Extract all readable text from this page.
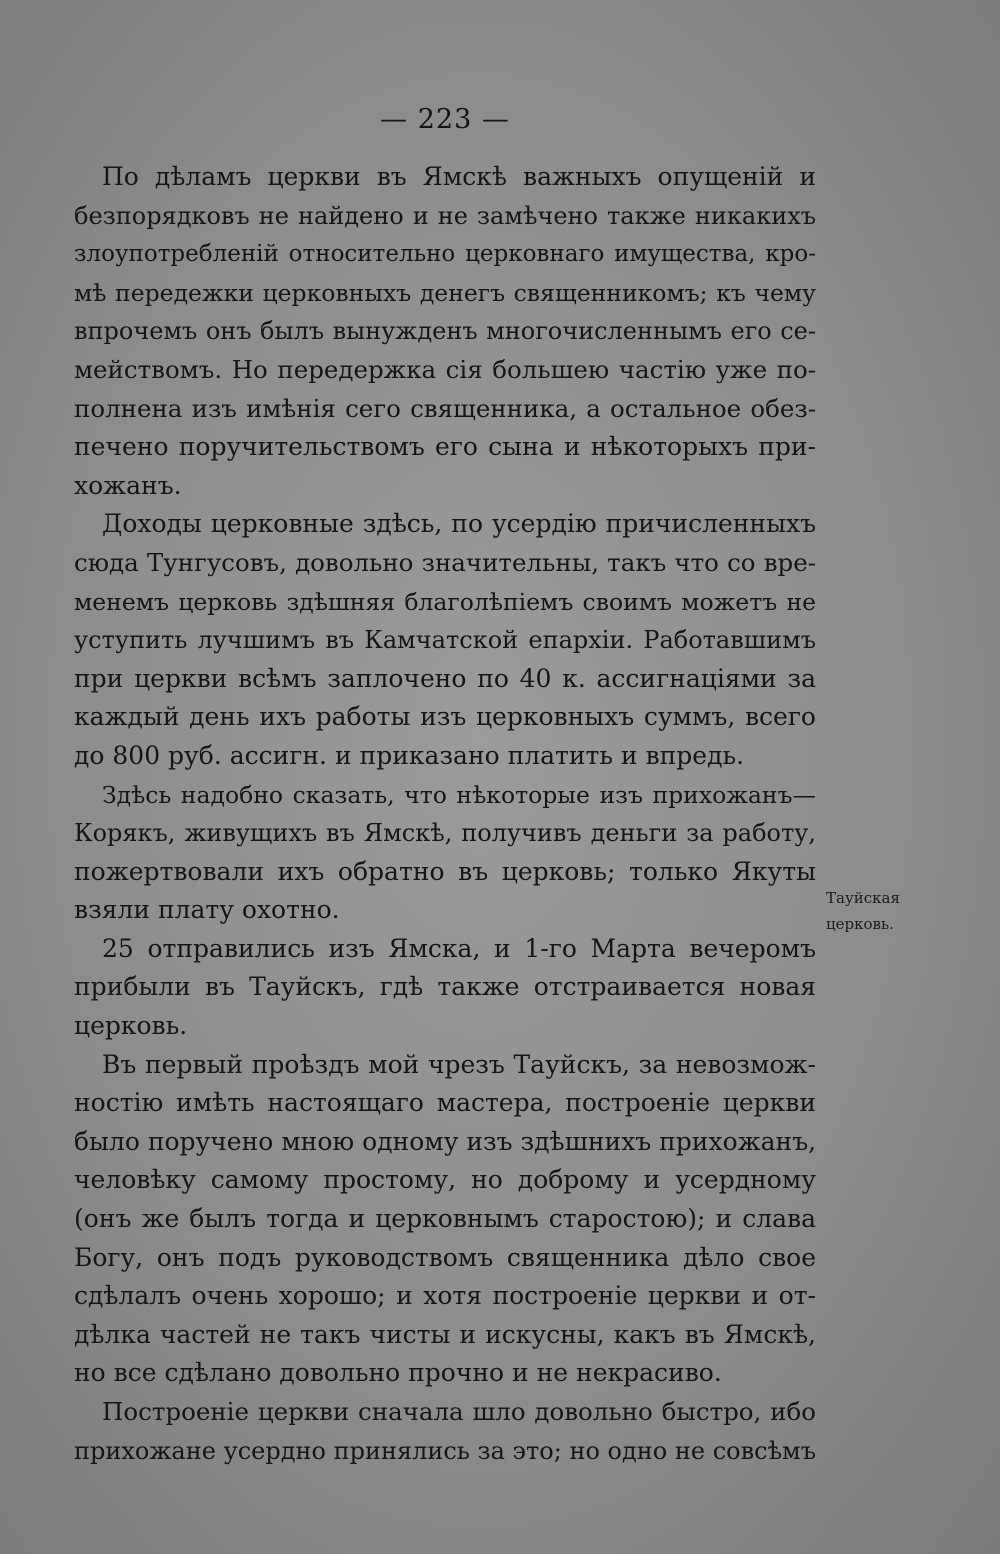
— 223 —
По дѣламъ церкви въ Ямскѣ важныхъ опущеній и
безпорядковъ не найдено и не замѣчено также никакихъ
злоупотребленій относительно церковнаго имущества, кро-
мѣ передежки церковныхъ денегъ священникомъ; къ чему
впрочемъ онъ былъ вынужденъ многочисленнымъ его се-
мействомъ. Но передержка сія большею частію уже по-
полнена изъ имѣнія сего священника, а остальное обез-
печено поручительствомъ его сына и нѣкоторыхъ при-
хожанъ.
Доходы церковные здѣсь, по усердію причисленныхъ
сюда Тунгусовъ, довольно значительны, такъ что со вре-
менемъ церковь здѣшняя благолѣпіемъ своимъ можетъ не
уступить лучшимъ въ Камчатской епархіи. Работавшимъ
при церкви всѣмъ заплочено по 40 к. ассигнаціями за
каждый день ихъ работы изъ церковныхъ суммъ, всего
до 800 руб. ассигн. и приказано платить и впредь.
Здѣсь надобно сказать, что нѣкоторые изъ прихожанъ—
Корякъ, живущихъ въ Ямскѣ, получивъ деньги за работу,
пожертвовали ихъ обратно въ церковь; только Якуты
взяли плату охотно.
25 отправились изъ Ямска, и 1-го Марта вечеромъ
прибыли въ Тауйскъ, гдѣ также отстраивается новая
церковь.
Въ первый проѣздъ мой чрезъ Тауйскъ, за невозмож-
ностію имѣть настоящаго мастера, построеніе церкви
было поручено мною одному изъ здѣшнихъ прихожанъ,
человѣку самому простому, но доброму и усердному
(онъ же былъ тогда и церковнымъ старостою); и слава
Богу, онъ подъ руководствомъ священника дѣло свое
сдѣлалъ очень хорошо; и хотя построеніе церкви и от-
дѣлка частей не такъ чисты и искусны, какъ въ Ямскѣ,
но все сдѣлано довольно прочно и не некрасиво.
Построеніе церкви сначала шло довольно быстро, ибо
прихожане усердно принялись за это; но одно не совсѣмъ
Тауйская
церковь.
